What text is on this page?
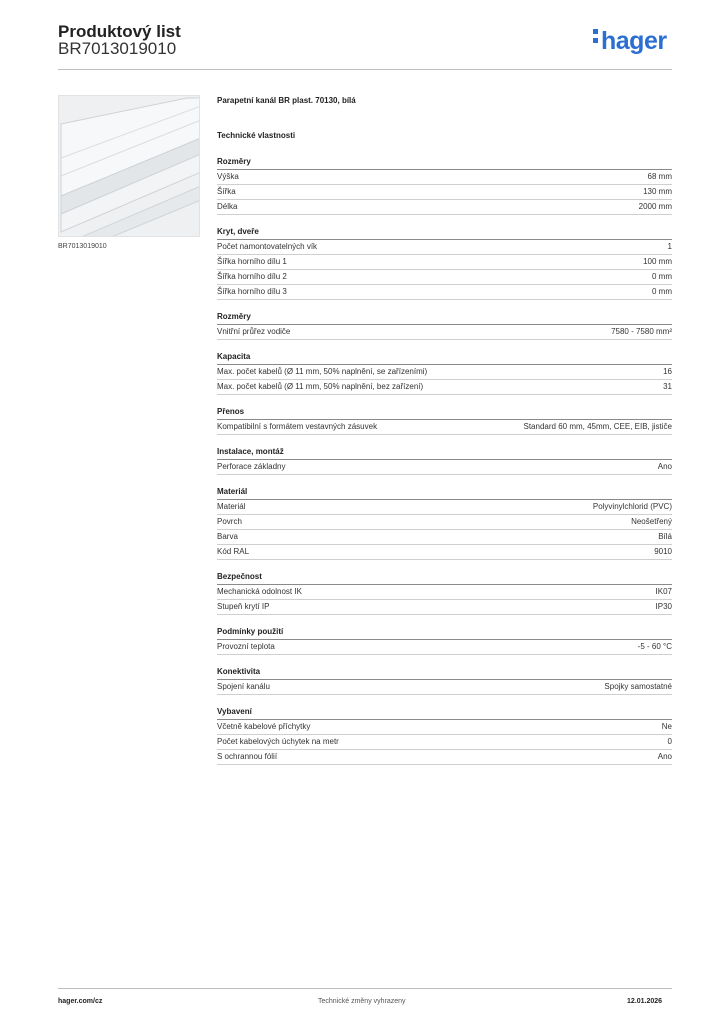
Produktový list
BR7013019010	hager
BR7013019010
Parapetní kanál BR plast. 70130, bílá
Technické vlastnosti
Rozměry
Výška	68 mm
Šířka	130 mm
Délka	2000 mm
Kryt, dveře
Počet namontovatelných vík	1
Šířka horního dílu 1	100 mm
Šířka horního dílu 2	0 mm
Šířka horního dílu 3	0 mm
Rozměry
Vnitřní průřez vodiče	7580 - 7580 mm²
Kapacita
Max. počet kabelů (Ø 11 mm, 50% naplnění, se zařízeními)	16
Max. počet kabelů (Ø 11 mm, 50% naplnění, bez zařízení)	31
Přenos
Kompatibilní s formátem vestavných zásuvek	Standard 60 mm, 45mm, CEE, EIB, jističe
Instalace, montáž
Perforace základny	Ano
Materiál
Materiál	Polyvinylchlorid (PVC)
Povrch	Neošetřený
Barva	Bílá
Kód RAL	9010
Bezpečnost
Mechanická odolnost IK	IK07
Stupeň krytí IP	IP30
Podmínky použití
Provozní teplota	-5 - 60 °C
Konektivita
Spojení kanálu	Spojky samostatné
Vybavení
Včetně kabelové příchytky	Ne
Počet kabelových úchytek na metr	0
S ochrannou fólií	Ano
hager.com/cz	Technické změny vyhrazeny	12.01.2026
